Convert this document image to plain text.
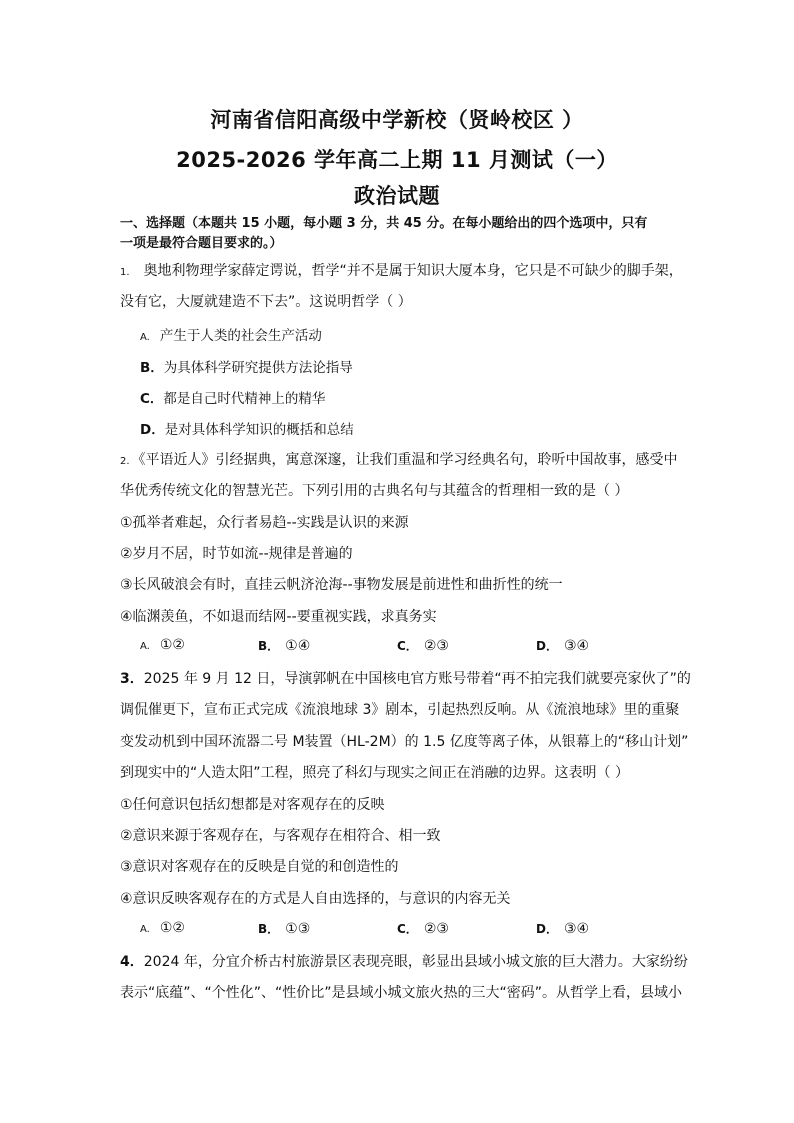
河南省信阳高级中学新校（贤岭校区 ）
2025-2026 学年高二上期 11 月测试（一）
政治试题
一、选择题（本题共 15 小题，每小题 3 分，共 45 分。在每小题给出的四个选项中，只有
一项是最符合题目要求的。）
1. 奥地利物理学家薛定谔说，哲学“并不是属于知识大厦本身，它只是不可缺少的脚手架，
没有它，大厦就建造不下去”。这说明哲学（ ）
A. 产生于人类的社会生产活动
B．为具体科学研究提供方法论指导
C．都是自己时代精神上的精华
D．是对具体科学知识的概括和总结
2. 《平语近人》引经据典，寓意深邃，让我们重温和学习经典名句，聆听中国故事，感受中
华优秀传统文化的智慧光芒。下列引用的古典名句与其蕴含的哲理相一致的是（ ）
①孤举者难起，众行者易趋--实践是认识的来源
②岁月不居，时节如流--规律是普遍的
③长风破浪会有时，直挂云帆济沧海--事物发展是前进性和曲折性的统一
④临渊羡鱼，不如退而结网--要重视实践，求真务实
A. ①②	B． ①④	C． ②③	D． ③④
3．2025 年 9 月 12 日，导演郭帆在中国核电官方账号带着“再不拍完我们就要亮家伙了”的
调侃催更下，宣布正式完成《流浪地球 3》剧本，引起热烈反响。从《流浪地球》里的重聚
变发动机到中国环流器二号 M装置（HL-2M）的 1.5 亿度等离子体，从银幕上的“移山计划”
到现实中的“人造太阳”工程，照亮了科幻与现实之间正在消融的边界。这表明（ ）
①任何意识包括幻想都是对客观存在的反映
②意识来源于客观存在，与客观存在相符合、相一致
③意识对客观存在的反映是自觉的和创造性的
④意识反映客观存在的方式是人自由选择的，与意识的内容无关
A. ①②	B． ①③	C． ②③	D． ③④
4．2024 年，分宜介桥古村旅游景区表现亮眼，彰显出县域小城文旅的巨大潜力。大家纷纷
表示“底蕴”、“个性化”、“性价比”是县域小城文旅火热的三大“密码”。从哲学上看，县域小
